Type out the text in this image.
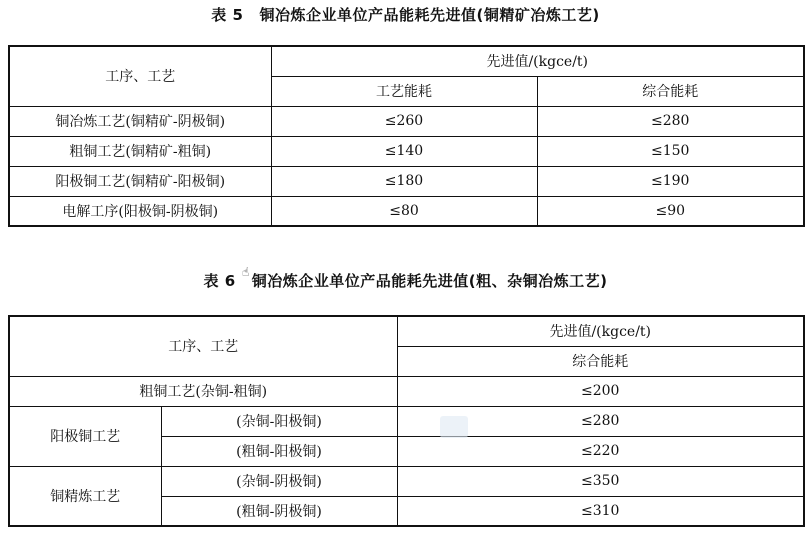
表 5 铜冶炼企业单位产品能耗先进值(铜精矿冶炼工艺)
工序、工艺	先进值/(kgce/t)	
	工艺能耗	综合能耗
铜冶炼工艺(铜精矿-阴极铜)	≤260	≤280
粗铜工艺(铜精矿-粗铜)	≤140	≤150
阳极铜工艺(铜精矿-阳极铜)	≤180	≤190
电解工序(阳极铜-阴极铜)	≤80	≤90
☝
表 6 铜冶炼企业单位产品能耗先进值(粗、杂铜冶炼工艺)
工序、工艺		先进值/(kgce/t)
		综合能耗
粗铜工艺(杂铜-粗铜)		≤200
阳极铜工艺	(杂铜-阳极铜)	≤280
	(粗铜-阳极铜)	≤220
铜精炼工艺	(杂铜-阴极铜)	≤350
	(粗铜-阴极铜)	≤310
